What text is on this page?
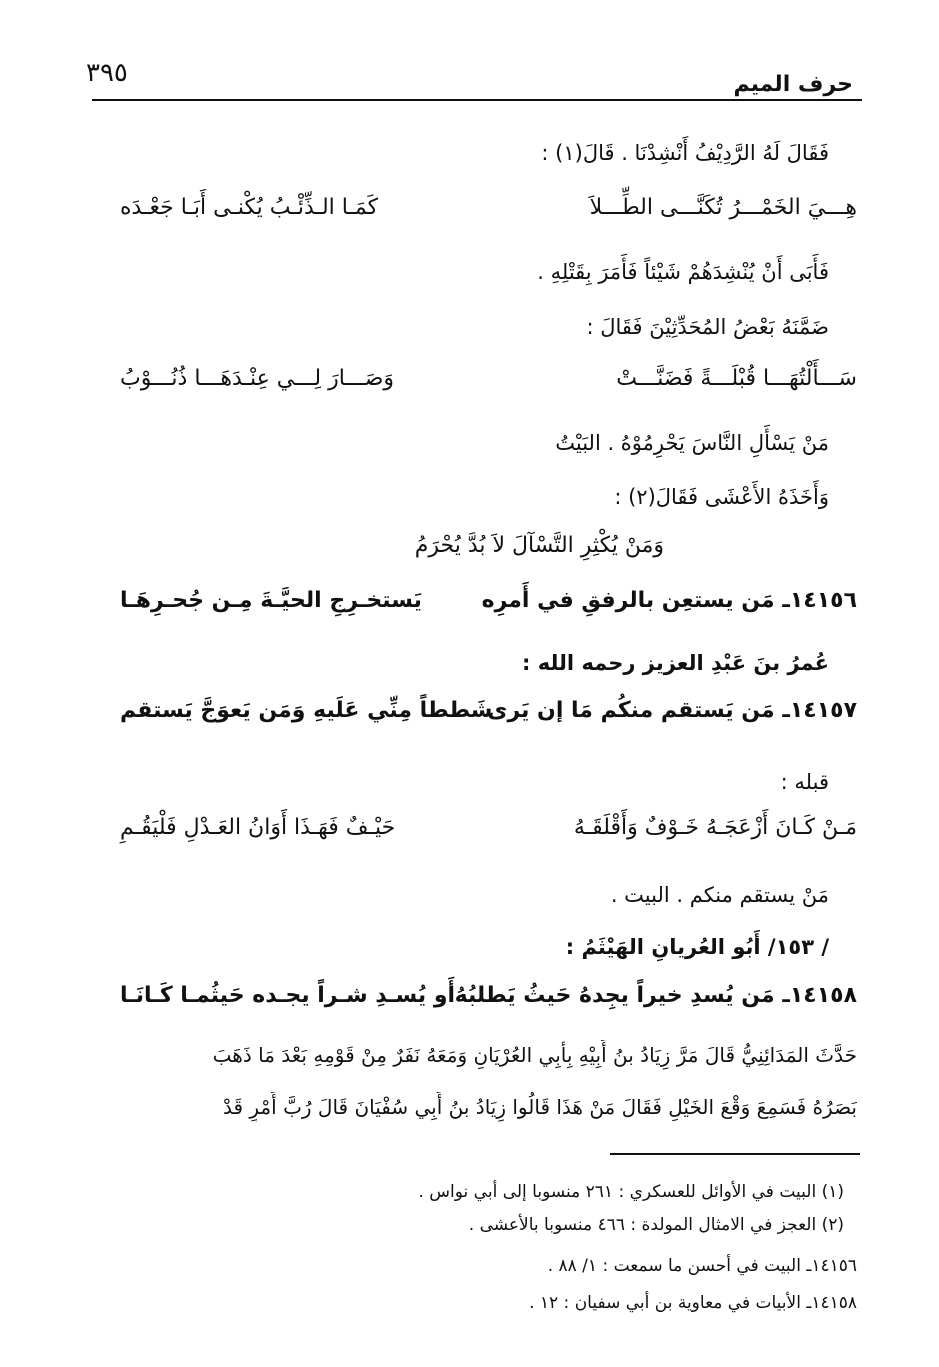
٣٩٥	حرف الميم
فَقَالَ لَهُ الرَّدِيْفُ أَنْشِدْنَا . قَالَ(١) :
هِـــيَ الخَمْـــرُ تُكَنَّـــى الطِّـــلاَ
كَمَـا الـذِّئْـبُ يُكْنـى أَبَـا جَعْـدَه
فَأَبَى أَنْ يُنْشِدَهُمْ شَيْئاً فَأَمَرَ بِقَتْلِهِ .
ضَمَّنَهُ بَعْضُ المُحَدِّثِيْنَ فَقَالَ :
سَـــأَلْتُهَـــا قُبْلَـــةً فَضَنَّـــتْ
وَصَـــارَ لِـــي عِنْـدَهَـــا ذُنُـــوْبُ
مَنْ يَسْأَلِ النَّاسَ يَحْرِمُوْهُ . البَيْتُ
وَأَخَذَهُ الأَعْشَى فَقَالَ(٢) :
وَمَنْ يُكْثِرِ التَّسْآلَ لاَ بُدَّ يُحْرَمُ
١٤١٥٦ـ مَن يستعِن بالرفقِ في أَمرِه
يَستخـرِجِ الحيَّـةَ مِـن جُحـرِهَـا
عُمرُ بنَ عَبْدِ العزيز رحمه الله :
١٤١٥٧ـ مَن يَستقم منكُم مَا إن يَرى
شَططاً مِنِّي عَلَيهِ وَمَن يَعوَجَّ يَستقم
قبله :
مَـنْ كَـانَ أَزْعَجَـهُ خَـوْفٌ وَأَقْلَقَـهُ
حَيْـفٌ فَهَـذَا أَوَانُ العَـدْلِ فَلْيَقُـمِ
مَنْ يستقم منكم . البيت .
/ ١٥٣/ أَبُو العُريانِ الهَيْثَمُ :
١٤١٥٨ـ مَن يُسدِ خيراً يجِدهُ حَيثُ يَطلبُهُ
أَو يُسـدِ شـراً يجـده حَيثُمـا كَـانَـا
حَدَّثَ المَدَائِنِيُّ قَالَ مَرَّ زِيَادُ بنُ أَبِيْهِ بِأَبِي العُرْيَانِ وَمَعَهُ نَفَرٌ مِنْ قَوْمِهِ بَعْدَ مَا ذَهَبَ
بَصَرُهُ فَسَمِعَ وَقْعَ الخَيْلِ فَقَالَ مَنْ هَذَا قَالُوا زِيَادُ بنُ أَبِي سُفْيَانَ قَالَ رُبَّ أَمْرٍ قَدْ
(١) البيت في الأوائل للعسكري : ٢٦١ منسوبا إلى أبي نواس .
(٢) العجز في الامثال المولدة : ٤٦٦ منسوبا بالأعشى .
١٤١٥٦ـ البيت في أحسن ما سمعت : ١/ ٨٨ .
١٤١٥٨ـ الأبيات في معاوية بن أبي سفيان : ١٢ .
